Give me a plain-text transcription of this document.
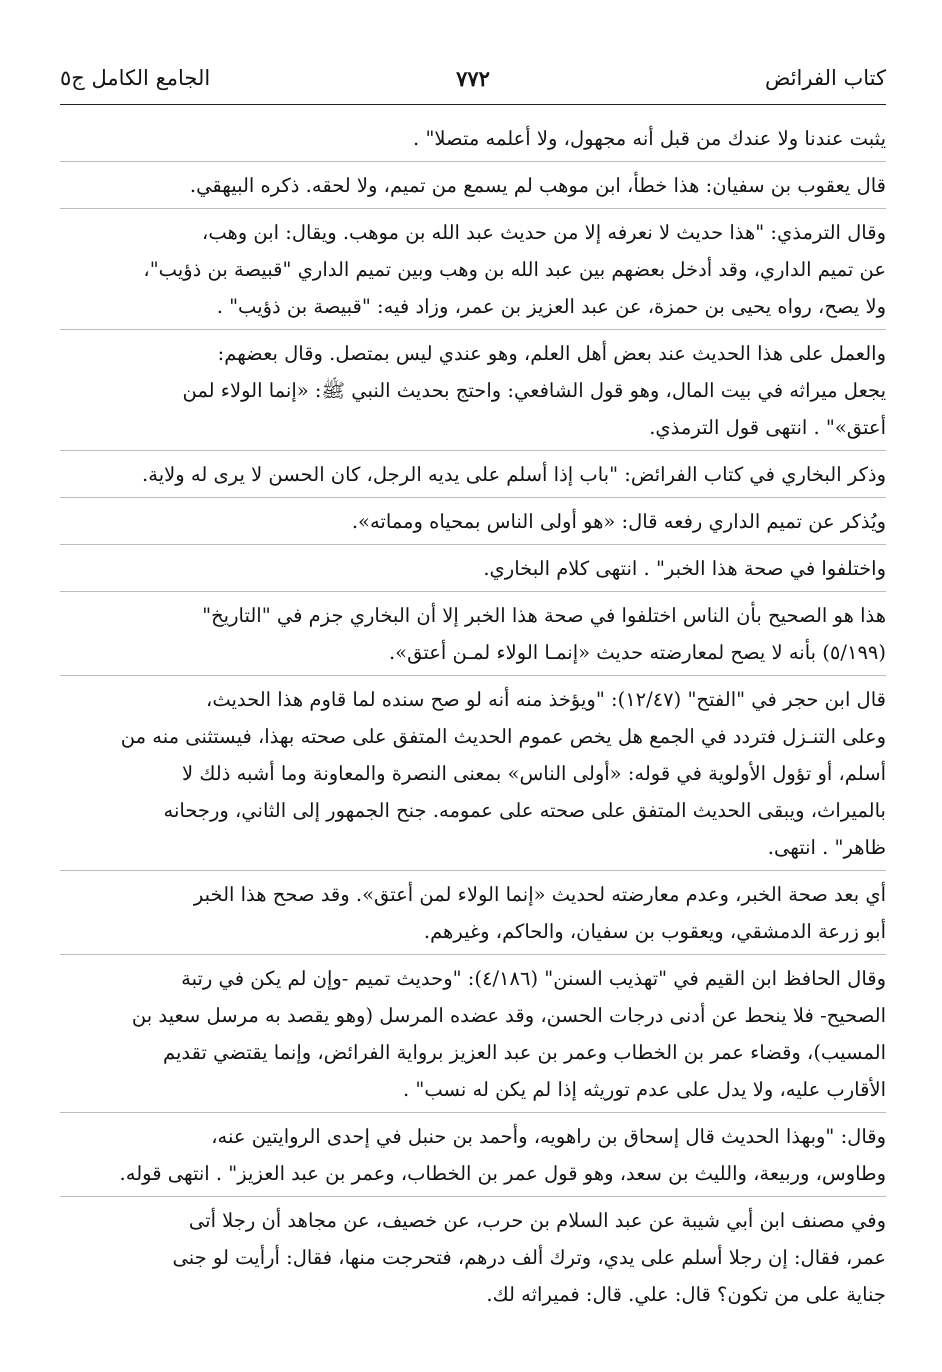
كتاب الفرائض
٧٧٢
الجامع الكامل ج٥
يثبت عندنا ولا عندك من قبل أنه مجهول، ولا أعلمه متصلا" .
قال يعقوب بن سفيان: هذا خطأ، ابن موهب لم يسمع من تميم، ولا لحقه. ذكره البيهقي.
وقال الترمذي: "هذا حديث لا نعرفه إلا من حديث عبد الله بن موهب. ويقال: ابن وهب،
عن تميم الداري، وقد أدخل بعضهم بين عبد الله بن وهب وبين تميم الداري "قبيصة بن ذؤيب"،
ولا يصح، رواه يحيى بن حمزة، عن عبد العزيز بن عمر، وزاد فيه: "قبيصة بن ذؤيب" .
والعمل على هذا الحديث عند بعض أهل العلم، وهو عندي ليس بمتصل. وقال بعضهم:
يجعل ميراثه في بيت المال، وهو قول الشافعي: واحتج بحديث النبي ﷺ: «إنما الولاء لمن
أعتق»" . انتهى قول الترمذي.
وذكر البخاري في كتاب الفرائض: "باب إذا أسلم على يديه الرجل، كان الحسن لا يرى له ولاية.
ويُذكر عن تميم الداري رفعه قال: «هو أولى الناس بمحياه ومماته».
واختلفوا في صحة هذا الخبر" . انتهى كلام البخاري.
هذا هو الصحيح بأن الناس اختلفوا في صحة هذا الخبر إلا أن البخاري جزم في "التاريخ"
(٥/١٩٩) بأنه لا يصح لمعارضته حديث «إنمـا الولاء لمـن أعتق».
قال ابن حجر في "الفتح" (١٢/٤٧): "ويؤخذ منه أنه لو صح سنده لما قاوم هذا الحديث،
وعلى التنـزل فتردد في الجمع هل يخص عموم الحديث المتفق على صحته بهذا، فيستثنى منه من
أسلم، أو تؤول الأولوية في قوله: «أولى الناس» بمعنى النصرة والمعاونة وما أشبه ذلك لا
بالميراث، ويبقى الحديث المتفق على صحته على عمومه. جنح الجمهور إلى الثاني، ورجحانه
ظاهر" . انتهى.
أي بعد صحة الخبر، وعدم معارضته لحديث «إنما الولاء لمن أعتق». وقد صحح هذا الخبر
أبو زرعة الدمشقي، ويعقوب بن سفيان، والحاكم، وغيرهم.
وقال الحافظ ابن القيم في "تهذيب السنن" (٤/١٨٦): "وحديث تميم -وإن لم يكن في رتبة
الصحيح- فلا ينحط عن أدنى درجات الحسن، وقد عضده المرسل (وهو يقصد به مرسل سعيد بن
المسيب)، وقضاء عمر بن الخطاب وعمر بن عبد العزيز برواية الفرائض، وإنما يقتضي تقديم
الأقارب عليه، ولا يدل على عدم توريثه إذا لم يكن له نسب" .
وقال: "وبهذا الحديث قال إسحاق بن راهويه، وأحمد بن حنبل في إحدى الروايتين عنه،
وطاوس، وربيعة، والليث بن سعد، وهو قول عمر بن الخطاب، وعمر بن عبد العزيز" . انتهى قوله.
وفي مصنف ابن أبي شيبة عن عبد السلام بن حرب، عن خصيف، عن مجاهد أن رجلا أتى
عمر، فقال: إن رجلا أسلم على يدي، وترك ألف درهم، فتحرجت منها، فقال: أرأيت لو جنى
جناية على من تكون؟ قال: علي. قال: فميراثه لك.
